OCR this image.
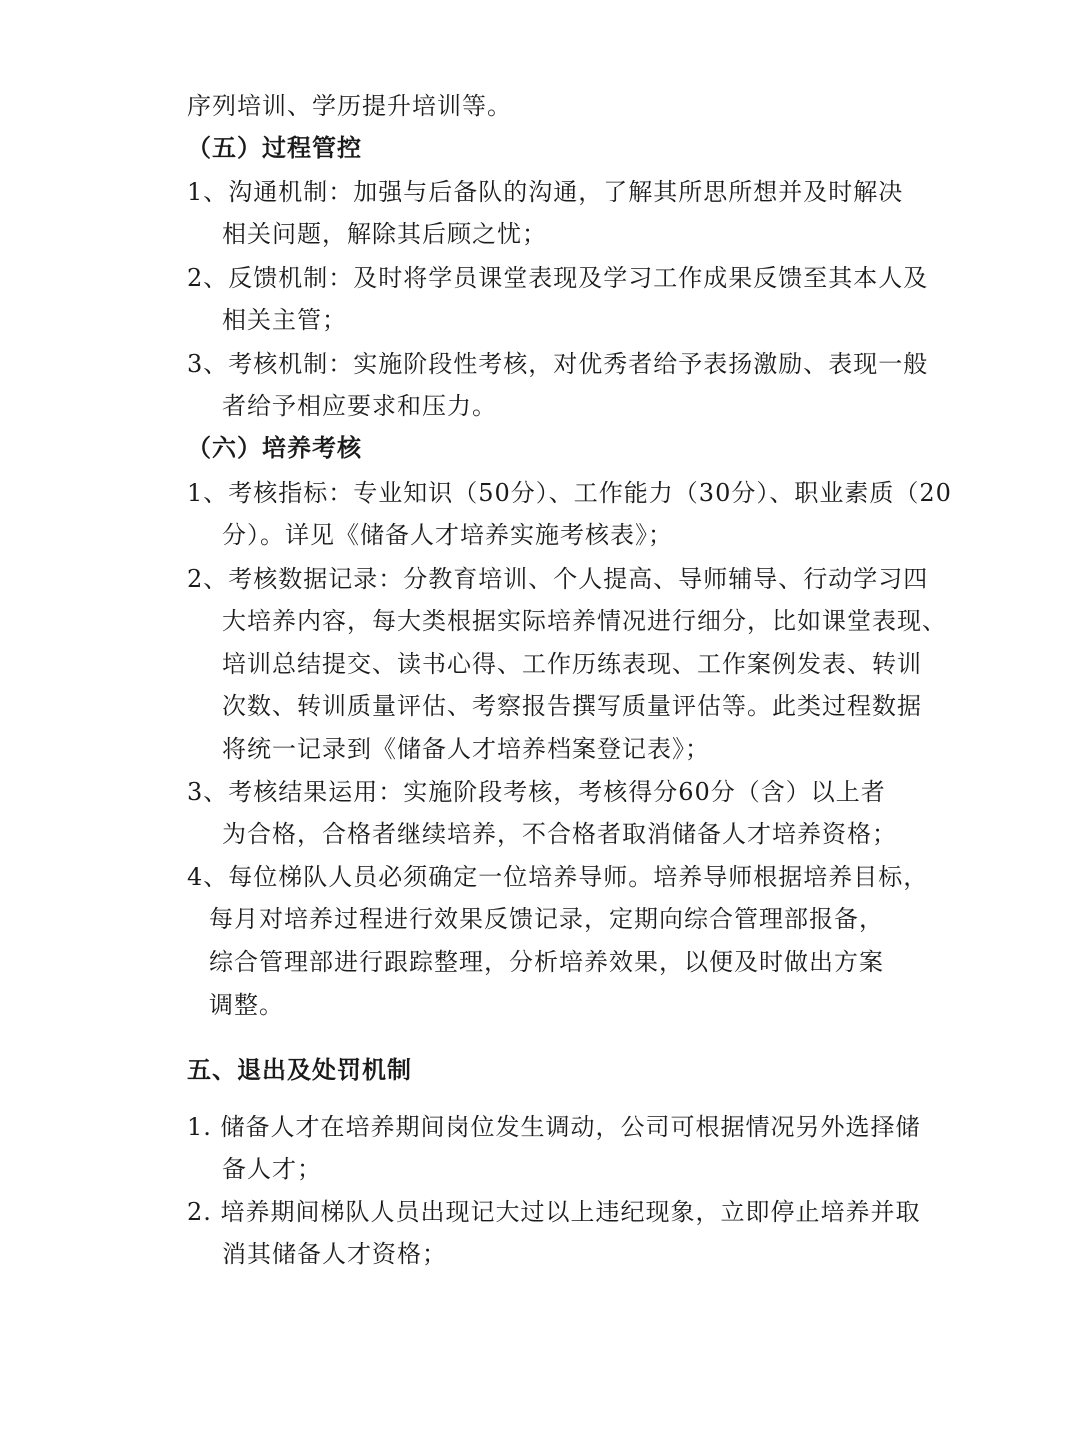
序列培训、学历提升培训等。
（五）过程管控
1、沟通机制：加强与后备队的沟通，了解其所思所想并及时解决
相关问题，解除其后顾之忧；
2、反馈机制：及时将学员课堂表现及学习工作成果反馈至其本人及
相关主管；
3、考核机制：实施阶段性考核，对优秀者给予表扬激励、表现一般
者给予相应要求和压力。
（六）培养考核
1、考核指标：专业知识（50分）、工作能力（30分）、职业素质（20
分）。详见《储备人才培养实施考核表》；
2、考核数据记录：分教育培训、个人提高、导师辅导、行动学习四
大培养内容，每大类根据实际培养情况进行细分，比如课堂表现、
培训总结提交、读书心得、工作历练表现、工作案例发表、转训
次数、转训质量评估、考察报告撰写质量评估等。此类过程数据
将统一记录到《储备人才培养档案登记表》；
3、考核结果运用：实施阶段考核，考核得分60分（含）以上者
为合格，合格者继续培养，不合格者取消储备人才培养资格；
4、每位梯队人员必须确定一位培养导师。培养导师根据培养目标，
每月对培养过程进行效果反馈记录，定期向综合管理部报备，
综合管理部进行跟踪整理，分析培养效果，以便及时做出方案
调整。
五、退出及处罚机制
1. 储备人才在培养期间岗位发生调动，公司可根据情况另外选择储
备人才；
2. 培养期间梯队人员出现记大过以上违纪现象，立即停止培养并取
消其储备人才资格；
